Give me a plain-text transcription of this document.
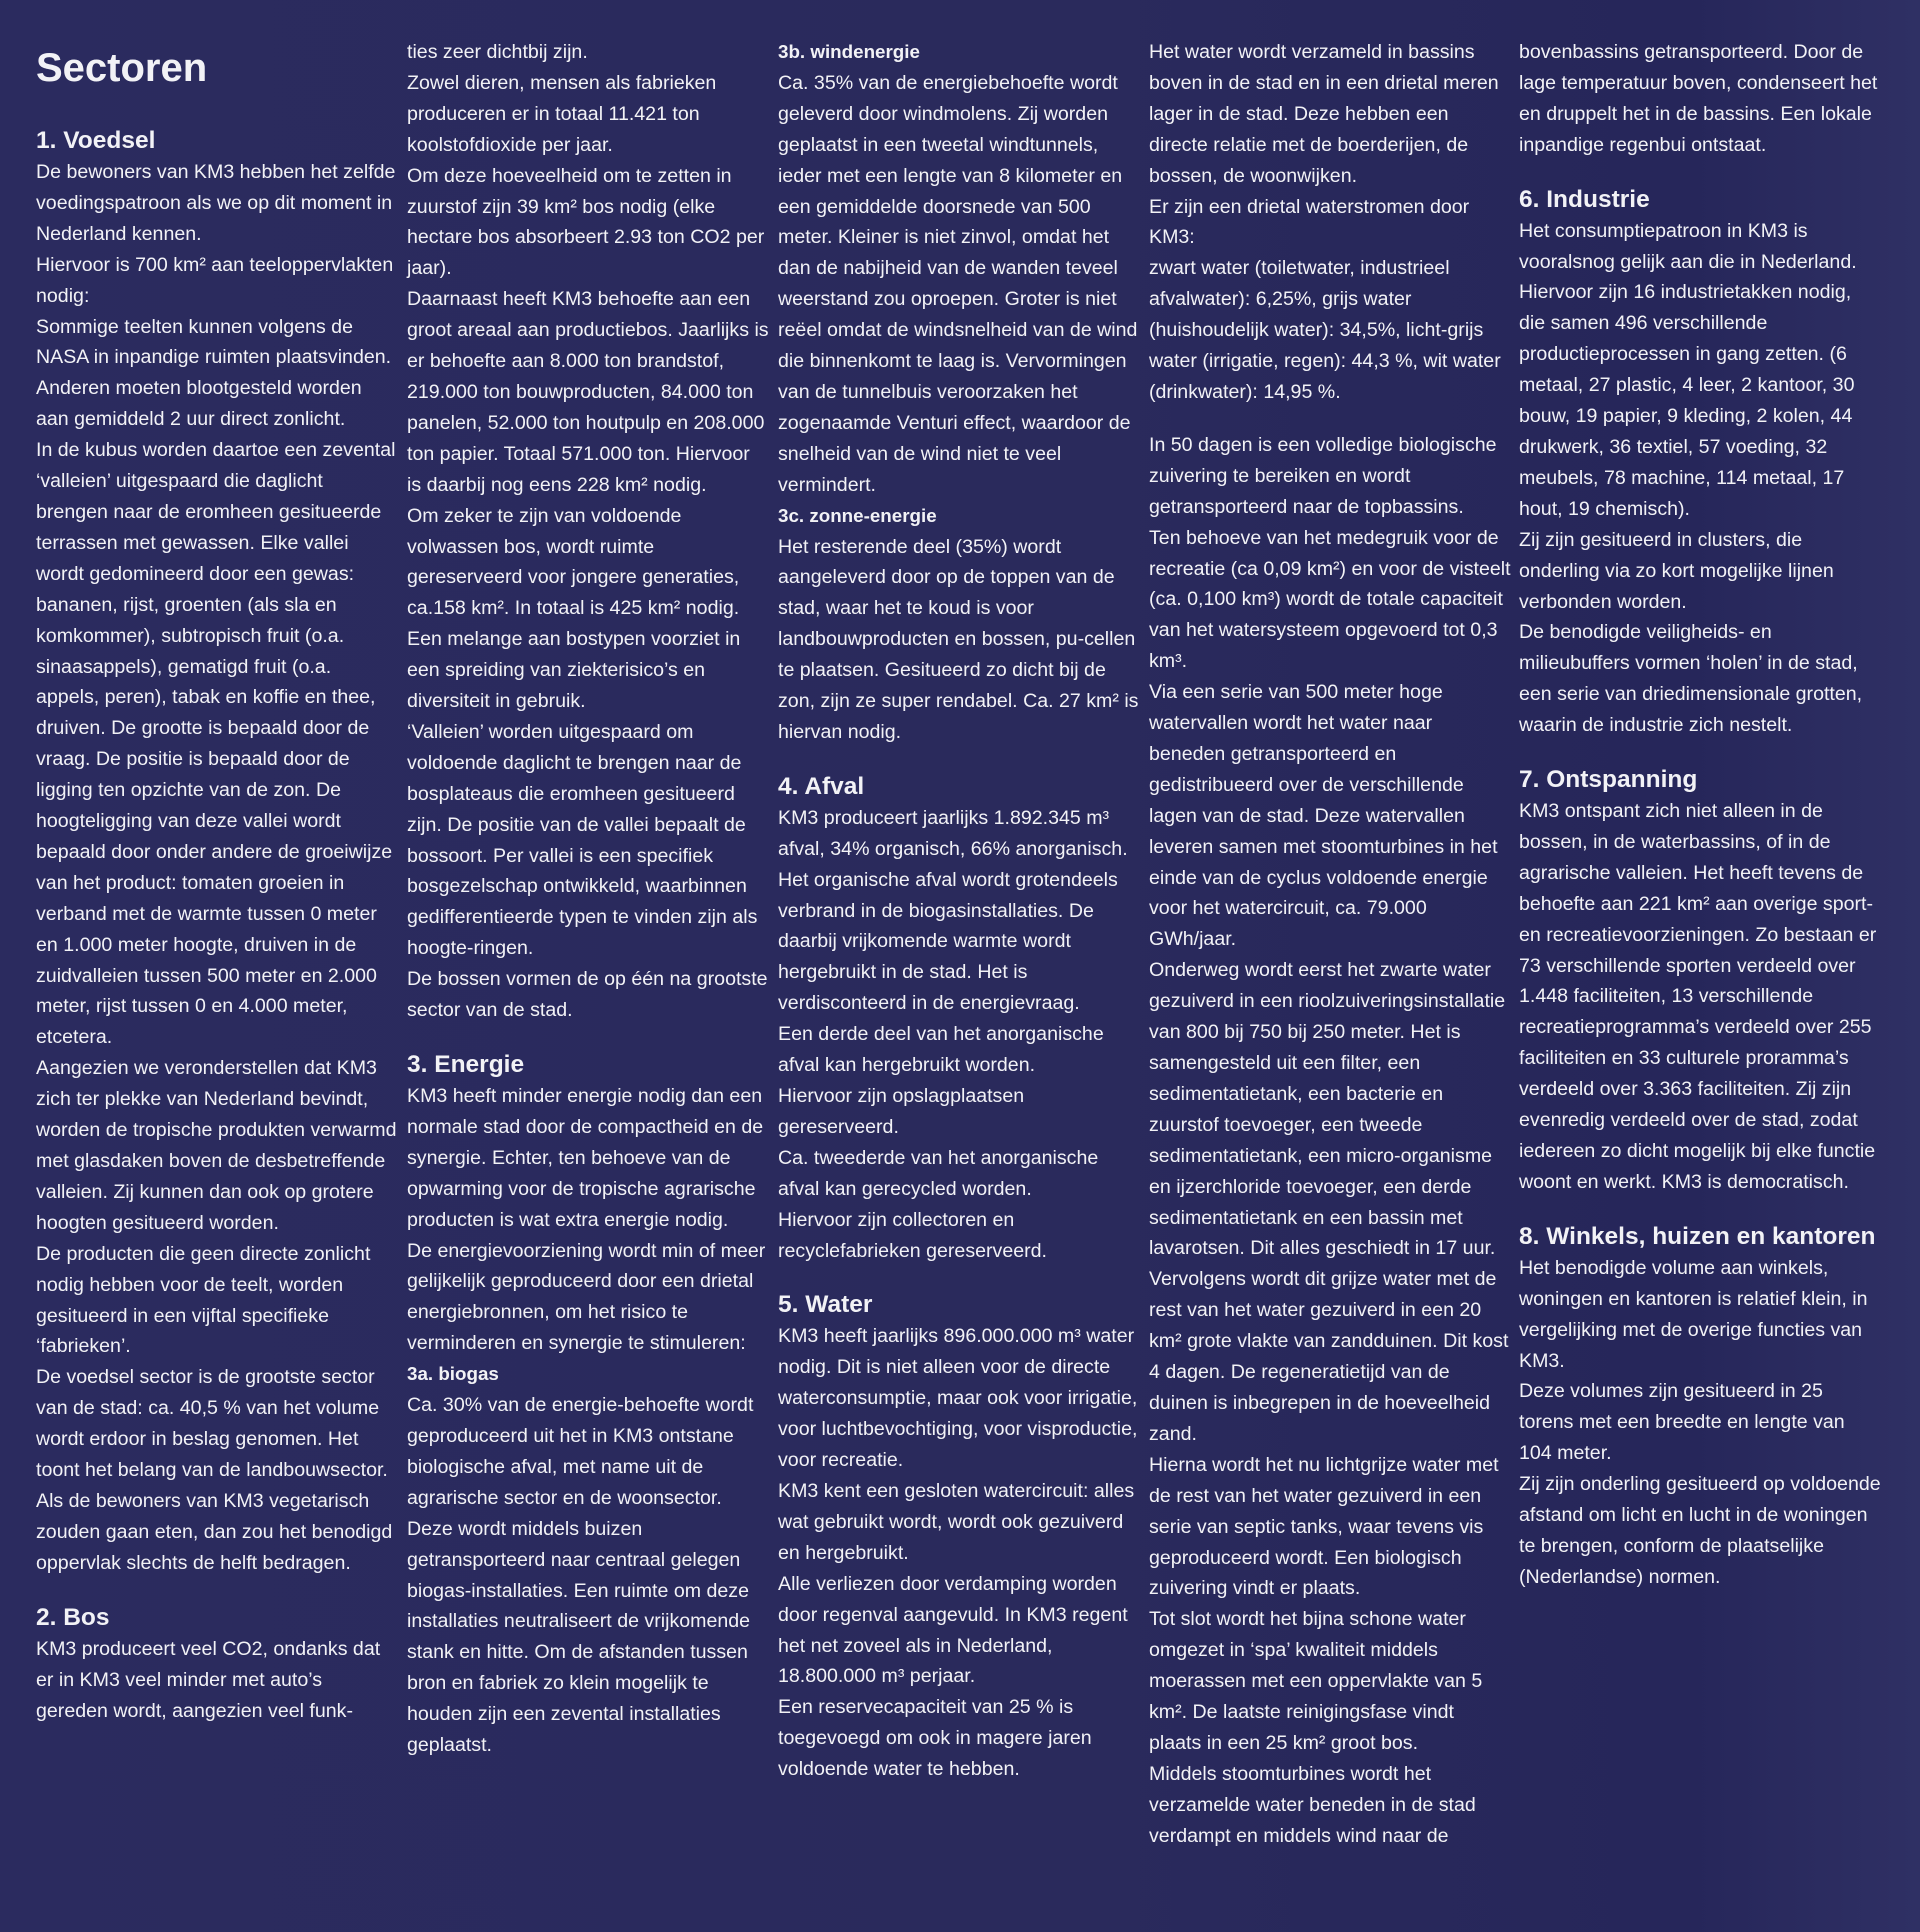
Sectoren
1. Voedsel

De bewoners van KM3 hebben het zelfde voedingspatroon als we op dit moment in Nederland kennen.

Hiervoor is 700 km² aan teeloppervlakten nodig:

Sommige teelten kunnen volgens de NASA in inpandige ruimten plaatsvinden.

Anderen moeten blootgesteld worden aan gemiddeld 2 uur direct zonlicht.

In de kubus worden daartoe een zevental ‘valleien’ uitgespaard die daglicht brengen naar de eromheen gesitueerde terrassen met gewassen. Elke vallei wordt gedomineerd door een gewas: bananen, rijst, groenten (als sla en komkommer), subtropisch fruit (o.a. sinaasappels), gematigd fruit (o.a. appels, peren), tabak en koffie en thee, druiven. De grootte is bepaald door de vraag. De positie is bepaald door de ligging ten opzichte van de zon. De hoogteligging van deze vallei wordt bepaald door onder andere de groeiwijze van het product: tomaten groeien in verband met de warmte tussen 0 meter en 1.000 meter hoogte, druiven in de zuidvalleien tussen 500 meter en 2.000 meter, rijst tussen 0 en 4.000 meter, etcetera.

Aangezien we veronderstellen dat KM3 zich ter plekke van Nederland bevindt, worden de tropische produkten verwarmd met glasdaken boven de desbetreffende valleien. Zij kunnen dan ook op grotere hoogten gesitueerd worden.

De producten die geen directe zonlicht nodig hebben voor de teelt, worden gesitueerd in een vijftal specifieke ‘fabrieken’.

De voedsel sector is de grootste sector van de stad: ca. 40,5 % van het volume wordt erdoor in beslag genomen. Het toont het belang van de landbouwsector. Als de bewoners van KM3 vegetarisch zouden gaan eten, dan zou het benodigd oppervlak slechts de helft bedragen.

2. Bos

KM3 produceert veel CO2, ondanks dat er in KM3 veel minder met auto’s gereden wordt, aangezien veel funk-

ties zeer dichtbij zijn.

Zowel dieren, mensen als fabrieken produceren er in totaal 11.421 ton koolstofdioxide per jaar.

Om deze hoeveelheid om te zetten in zuurstof zijn 39 km² bos nodig (elke hectare bos absorbeert 2.93 ton CO2 per jaar).

Daarnaast heeft KM3 behoefte aan een groot areaal aan productiebos. Jaarlijks is er behoefte aan 8.000 ton brandstof, 219.000 ton bouwproducten, 84.000 ton panelen, 52.000 ton houtpulp en 208.000 ton papier. Totaal 571.000 ton. Hiervoor is daarbij nog eens 228 km² nodig.

Om zeker te zijn van voldoende volwassen bos, wordt ruimte gereserveerd voor jongere generaties, ca.158 km². In totaal is 425 km² nodig. Een melange aan bostypen voorziet in een spreiding van ziekterisico’s en diversiteit in gebruik.

‘Valleien’ worden uitgespaard om voldoende daglicht te brengen naar de bosplateaus die eromheen gesitueerd zijn. De positie van de vallei bepaalt de bossoort. Per vallei is een specifiek bosgezelschap ontwikkeld, waarbinnen gedifferentieerde typen te vinden zijn als hoogte-ringen.

De bossen vormen de op één na grootste sector van de stad.

3. Energie

KM3 heeft minder energie nodig dan een normale stad door de compactheid en de synergie. Echter, ten behoeve van de opwarming voor de tropische agrarische producten is wat extra energie nodig.

De energievoorziening wordt min of meer gelijkelijk geproduceerd door een drietal energiebronnen, om het risico te verminderen en synergie te stimuleren:

3a. biogas

Ca. 30% van de energie-behoefte wordt geproduceerd uit het in KM3 ontstane biologische afval, met name uit de agrarische sector en de woonsector. Deze wordt middels buizen getransporteerd naar centraal gelegen biogas-installaties. Een ruimte om deze installaties neutraliseert de vrijkomende stank en hitte. Om de afstanden tussen bron en fabriek zo klein mogelijk te houden zijn een zevental installaties geplaatst.

3b. windenergie

Ca. 35% van de energiebehoefte wordt geleverd door windmolens. Zij worden geplaatst in een tweetal windtunnels, ieder met een lengte van 8 kilometer en een gemiddelde doorsnede van 500 meter. Kleiner is niet zinvol, omdat het dan de nabijheid van de wanden teveel weerstand zou oproepen. Groter is niet reëel omdat de windsnelheid van de wind die binnenkomt te laag is. Vervormingen van de tunnelbuis veroorzaken het zogenaamde Venturi effect, waardoor de snelheid van de wind niet te veel vermindert.

3c. zonne-energie

Het resterende deel (35%) wordt aangeleverd door op de toppen van de stad, waar het te koud is voor landbouwproducten en bossen, pu-cellen te plaatsen. Gesitueerd zo dicht bij de zon, zijn ze super rendabel. Ca. 27 km² is hiervan nodig.

4. Afval

KM3 produceert jaarlijks 1.892.345 m³ afval, 34% organisch, 66% anorganisch.

Het organische afval wordt grotendeels verbrand in de biogasinstallaties. De daarbij vrijkomende warmte wordt hergebruikt in de stad. Het is verdisconteerd in de energievraag.

Een derde deel van het anorganische afval kan hergebruikt worden.

Hiervoor zijn opslagplaatsen gereserveerd.

Ca. tweederde van het anorganische afval kan gerecycled worden.

Hiervoor zijn collectoren en recyclefabrieken gereserveerd.

5. Water

KM3 heeft jaarlijks 896.000.000 m³ water nodig. Dit is niet alleen voor de directe waterconsumptie, maar ook voor irrigatie, voor luchtbevochtiging, voor visproductie, voor recreatie.

KM3 kent een gesloten watercircuit: alles wat gebruikt wordt, wordt ook gezuiverd en hergebruikt.

Alle verliezen door verdamping worden door regenval aangevuld. In KM3 regent het net zoveel als in Nederland, 18.800.000 m³ perjaar.

Een reservecapaciteit van 25 % is toegevoegd om ook in magere jaren voldoende water te hebben.

Het water wordt verzameld in bassins boven in de stad en in een drietal meren lager in de stad. Deze hebben een directe relatie met de boerderijen, de bossen, de woonwijken.

Er zijn een drietal waterstromen door KM3:

zwart water (toiletwater, industrieel afvalwater): 6,25%, grijs water (huishoudelijk water): 34,5%, licht-grijs water (irrigatie, regen): 44,3 %, wit water (drinkwater): 14,95 %.

In 50 dagen is een volledige biologische zuivering te bereiken en wordt getransporteerd naar de topbassins.

Ten behoeve van het medegruik voor de recreatie (ca 0,09 km²) en voor de visteelt (ca. 0,100 km³) wordt de totale capaciteit van het watersysteem opgevoerd tot 0,3 km³.

Via een serie van 500 meter hoge watervallen wordt het water naar beneden getransporteerd en gedistribueerd over de verschillende lagen van de stad. Deze watervallen leveren samen met stoomturbines in het einde van de cyclus voldoende energie voor het watercircuit, ca. 79.000 GWh/jaar.

Onderweg wordt eerst het zwarte water gezuiverd in een rioolzuiveringsinstallatie van 800 bij 750 bij 250 meter. Het is samengesteld uit een filter, een sedimentatietank, een bacterie en zuurstof toevoeger, een tweede sedimentatietank, een micro-organisme en ijzerchloride toevoeger, een derde sedimentatietank en een bassin met lavarotsen. Dit alles geschiedt in 17 uur.

Vervolgens wordt dit grijze water met de rest van het water gezuiverd in een 20 km² grote vlakte van zandduinen. Dit kost 4 dagen. De regeneratietijd van de duinen is inbegrepen in de hoeveelheid zand.

Hierna wordt het nu lichtgrijze water met de rest van het water gezuiverd in een serie van septic tanks, waar tevens vis geproduceerd wordt. Een biologisch zuivering vindt er plaats.

Tot slot wordt het bijna schone water omgezet in ‘spa’ kwaliteit middels moerassen met een oppervlakte van 5 km². De laatste reinigingsfase vindt plaats in een 25 km² groot bos.

Middels stoomturbines wordt het verzamelde water beneden in de stad verdampt en middels wind naar de

bovenbassins getransporteerd. Door de lage temperatuur boven, condenseert het en druppelt het in de bassins. Een lokale inpandige regenbui ontstaat.

6. Industrie

Het consumptiepatroon in KM3 is vooralsnog gelijk aan die in Nederland.

Hiervoor zijn 16 industrietakken nodig, die samen 496 verschillende productieprocessen in gang zetten. (6 metaal, 27 plastic, 4 leer, 2 kantoor, 30 bouw, 19 papier, 9 kleding, 2 kolen, 44 drukwerk, 36 textiel, 57 voeding, 32 meubels, 78 machine, 114 metaal, 17 hout, 19 chemisch).

Zij zijn gesitueerd in clusters, die onderling via zo kort mogelijke lijnen verbonden worden.

De benodigde veiligheids- en milieubuffers vormen ‘holen’ in de stad, een serie van driedimensionale grotten, waarin de industrie zich nestelt.

7. Ontspanning

KM3 ontspant zich niet alleen in de bossen, in de waterbassins, of in de agrarische valleien. Het heeft tevens de behoefte aan 221 km² aan overige sport- en recreatievoorzieningen. Zo bestaan er 73 verschillende sporten verdeeld over 1.448 faciliteiten, 13 verschillende recreatieprogramma’s verdeeld over 255 faciliteiten en 33 culturele proramma’s verdeeld over 3.363 faciliteiten. Zij zijn evenredig verdeeld over de stad, zodat iedereen zo dicht mogelijk bij elke functie woont en werkt. KM3 is democratisch.

8. Winkels, huizen en kantoren

Het benodigde volume aan winkels, woningen en kantoren is relatief klein, in vergelijking met de overige functies van KM3.

Deze volumes zijn gesitueerd in 25 torens met een breedte en lengte van 104 meter.

Zij zijn onderling gesitueerd op voldoende afstand om licht en lucht in de woningen te brengen, conform de plaatselijke (Nederlandse) normen.
